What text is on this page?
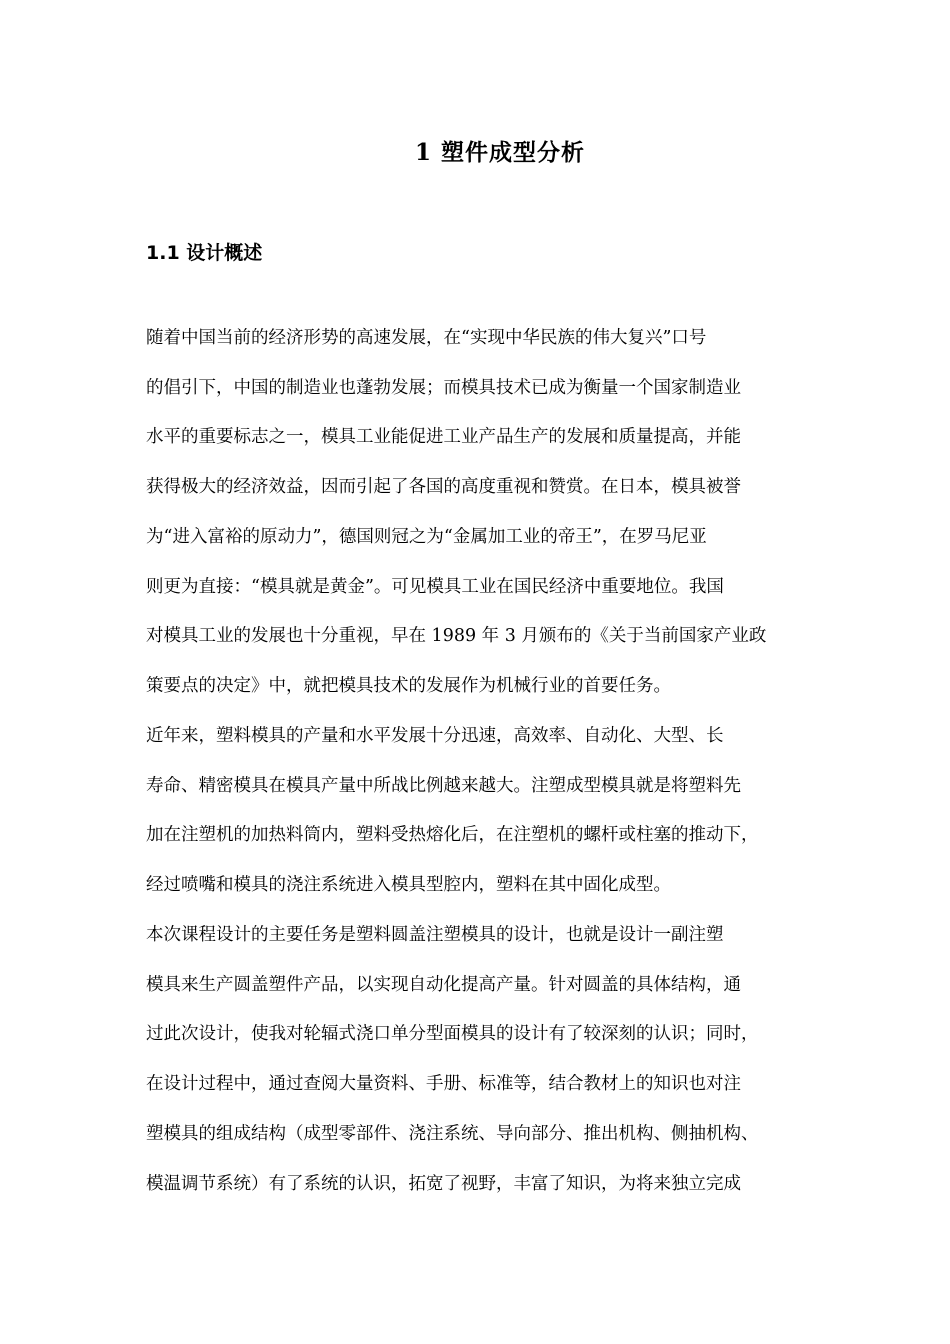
1 塑件成型分析
1.1 设计概述
随着中国当前的经济形势的高速发展，在“实现中华民族的伟大复兴”口号
的倡引下，中国的制造业也蓬勃发展；而模具技术已成为衡量一个国家制造业
水平的重要标志之一，模具工业能促进工业产品生产的发展和质量提高，并能
获得极大的经济效益，因而引起了各国的高度重视和赞赏。在日本，模具被誉
为“进入富裕的原动力”，德国则冠之为“金属加工业的帝王”，在罗马尼亚
则更为直接：“模具就是黄金”。可见模具工业在国民经济中重要地位。我国
对模具工业的发展也十分重视，早在 1989 年 3 月颁布的《关于当前国家产业政
策要点的决定》中，就把模具技术的发展作为机械行业的首要任务。
近年来，塑料模具的产量和水平发展十分迅速，高效率、自动化、大型、长
寿命、精密模具在模具产量中所战比例越来越大。注塑成型模具就是将塑料先
加在注塑机的加热料筒内，塑料受热熔化后，在注塑机的螺杆或柱塞的推动下，
经过喷嘴和模具的浇注系统进入模具型腔内，塑料在其中固化成型。
本次课程设计的主要任务是塑料圆盖注塑模具的设计，也就是设计一副注塑
模具来生产圆盖塑件产品，以实现自动化提高产量。针对圆盖的具体结构，通
过此次设计，使我对轮辐式浇口单分型面模具的设计有了较深刻的认识；同时，
在设计过程中，通过查阅大量资料、手册、标准等，结合教材上的知识也对注
塑模具的组成结构（成型零部件、浇注系统、导向部分、推出机构、侧抽机构、
模温调节系统）有了系统的认识，拓宽了视野，丰富了知识，为将来独立完成
